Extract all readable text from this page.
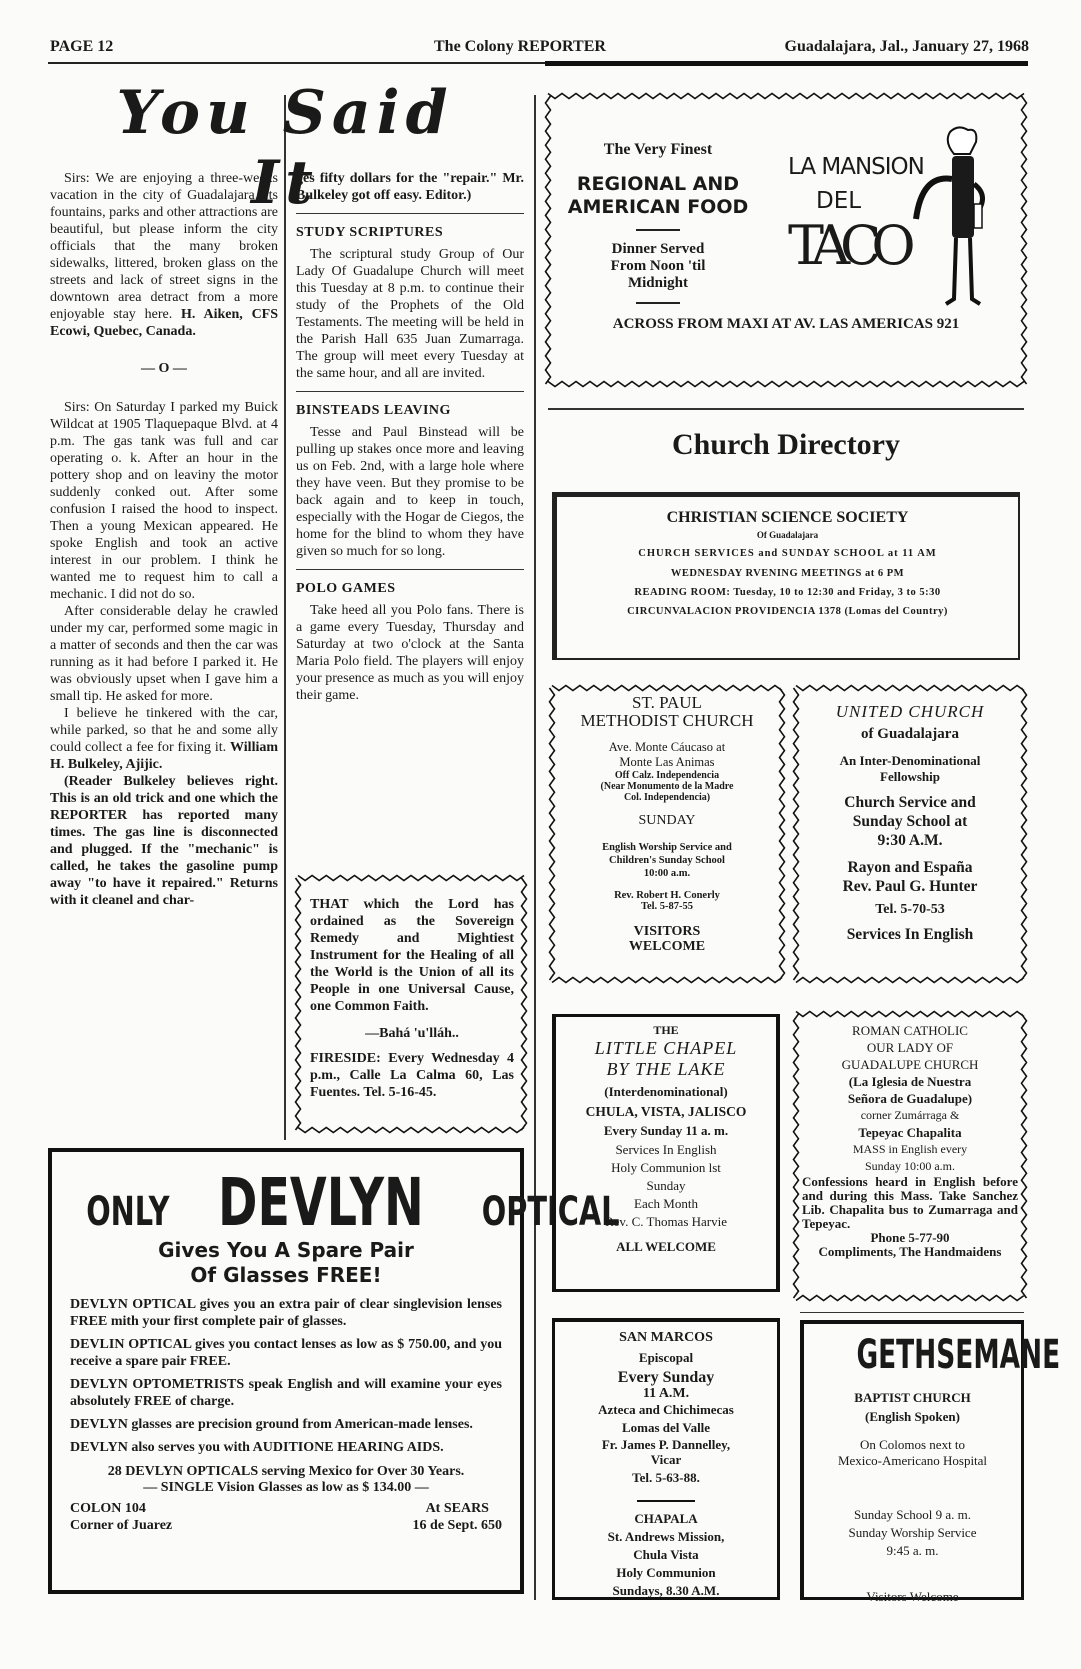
PAGE 12	The Colony REPORTER	Guadalajara, Jal., January 27, 1968
You Said It

Sirs: We are enjoying a three-weeks vacation in the city of Guadalajara. Its fountains, parks and other attractions are beautiful, but please inform the city officials that the many broken sidewalks, littered, broken glass on the streets and lack of street signs in the downtown area detract from a more enjoyable stay here. H. Aiken, CFS Ecowi, Quebec, Canada.

— O —

Sirs: On Saturday I parked my Buick Wildcat at 1905 Tlaquepaque Blvd. at 4 p.m. The gas tank was full and car operating o. k. After an hour in the pottery shop and on leaviny the motor suddenly conked out. After some confusion I raised the hood to inspect. Then a young Mexican appeared. He spoke English and took an active interest in our problem. I think he wanted me to request him to call a mechanic. I did not do so.

After considerable delay he crawled under my car, performed some magic in a matter of seconds and then the car was running as it had before I parked it. He was obviously upset when I gave him a small tip. He asked for more.

I believe he tinkered with the car, while parked, so that he and some ally could collect a fee for fixing it. William H. Bulkeley, Ajijic.

(Reader Bulkeley believes right. This is an old trick and one which the REPORTER has reported many times. The gas line is disconnected and plugged. If the "mechanic" is called, he takes the gasoline pump away "to have it repaired." Returns with it cleanel and char-

ges fifty dollars for the "repair." Mr. Bulkeley got off easy. Editor.)
STUDY SCRIPTURES

The scriptural study Group of Our Lady Of Guadalupe Church will meet this Tuesday at 8 p.m. to continue their study of the Prophets of the Old Testaments. The meeting will be held in the Parish Hall 635 Juan Zumarraga. The group will meet every Tuesday at the same hour, and all are invited.

BINSTEADS LEAVING

Tesse and Paul Binstead will be pulling up stakes once more and leaving us on Feb. 2nd, with a large hole where they have veen. But they promise to be back again and to keep in touch, especially with the Hogar de Ciegos, the home for the blind to whom they have given so much for so long.

POLO GAMES

Take heed all you Polo fans. There is a game every Tuesday, Thursday and Saturday at two o'clock at the Santa Maria Polo field. The players will enjoy your presence as much as you will enjoy their game.

THAT which the Lord has ordained as the Sovereign Remedy and Mightiest Instrument for the Healing of all the World is the Union of all its People in one Universal Cause, one Common Faith.
—Bahá 'u'lláh..
FIRESIDE: Every Wednesday 4 p.m., Calle La Calma 60, Las Fuentes. Tel. 5-16-45.
ONLY DEVLYN OPTICAL
Gives You A Spare Pair
Of Glasses FREE!

DEVLYN OPTICAL gives you an extra pair of clear singlevision lenses FREE mith your first complete pair of glasses.

DEVLIN OPTICAL gives you contact lenses as low as $ 750.00, and you receive a spare pair FREE.

DEVLYN OPTOMETRISTS speak English and will examine your eyes absolutely FREE of charge.

DEVLYN glasses are precision ground from American-made lenses.

DEVLYN also serves you with AUDITIONE HEARING AIDS.

28 DEVLYN OPTICALS serving Mexico for Over 30 Years.
— SINGLE Vision Glasses as low as $ 134.00 —
COLON 104
Corner of Juarez
At SEARS
16 de Sept. 650
The Very Finest
REGIONAL AND
AMERICAN FOOD
Dinner Served
From Noon 'til
Midnight
LA MANSION
DEL
TACO
ACROSS FROM MAXI AT AV. LAS AMERICAS 921
Church Directory
CHRISTIAN SCIENCE SOCIETY
Of Guadalajara
CHURCH SERVICES and SUNDAY SCHOOL at 11 AM
WEDNESDAY RVENING MEETINGS at 6 PM
READING ROOM: Tuesday, 10 to 12:30 and Friday, 3 to 5:30
CIRCUNVALACION PROVIDENCIA 1378 (Lomas del Country)
ST. PAUL
METHODIST CHURCH
Ave. Monte Cáucaso at
Monte Las Animas
Off Calz. Independencia
(Near Monumento de la Madre
Col. Independencia)
SUNDAY
English Worship Service and
Children's Sunday School
10:00 a.m.
Rev. Robert H. Conerly
Tel. 5-87-55
VISITORS
WELCOME
UNITED CHURCH
of Guadalajara
An Inter-Denominational
Fellowship
Church Service and
Sunday School at
9:30 A.M.
Rayon and España
Rev. Paul G. Hunter
Tel. 5-70-53
Services In English
THE
LITTLE CHAPEL
BY THE LAKE
(Interdenominational)
CHULA, VISTA, JALISCO
Every Sunday 11 a. m.
Services In English
Holy Communion lst
Sunday
Each Month
Rev. C. Thomas Harvie
ALL WELCOME
ROMAN CATHOLIC
OUR LADY OF
GUADALUPE CHURCH
(La Iglesia de Nuestra
Señora de Guadalupe)
corner Zumárraga &
Tepeyac Chapalita
MASS in English every
Sunday 10:00 a.m.
Confessions heard in English before and during this Mass. Take Sanchez Lib. Chapalita bus to Zumarraga and Tepeyac.
Phone 5-77-90
Compliments, The Handmaidens
SAN MARCOS
Episcopal
Every Sunday
11 A.M.
Azteca and Chichimecas
Lomas del Valle
Fr. James P. Dannelley,
Vicar
Tel. 5-63-88.
CHAPALA
St. Andrews Mission,
Chula Vista
Holy Communion
Sundays, 8.30 A.M.
GETHSEMANE
BAPTIST CHURCH
(English Spoken)
On Colomos next to
Mexico-Americano Hospital
Sunday School 9 a. m.
Sunday Worship Service
9:45 a. m.
Visitors Welcome
